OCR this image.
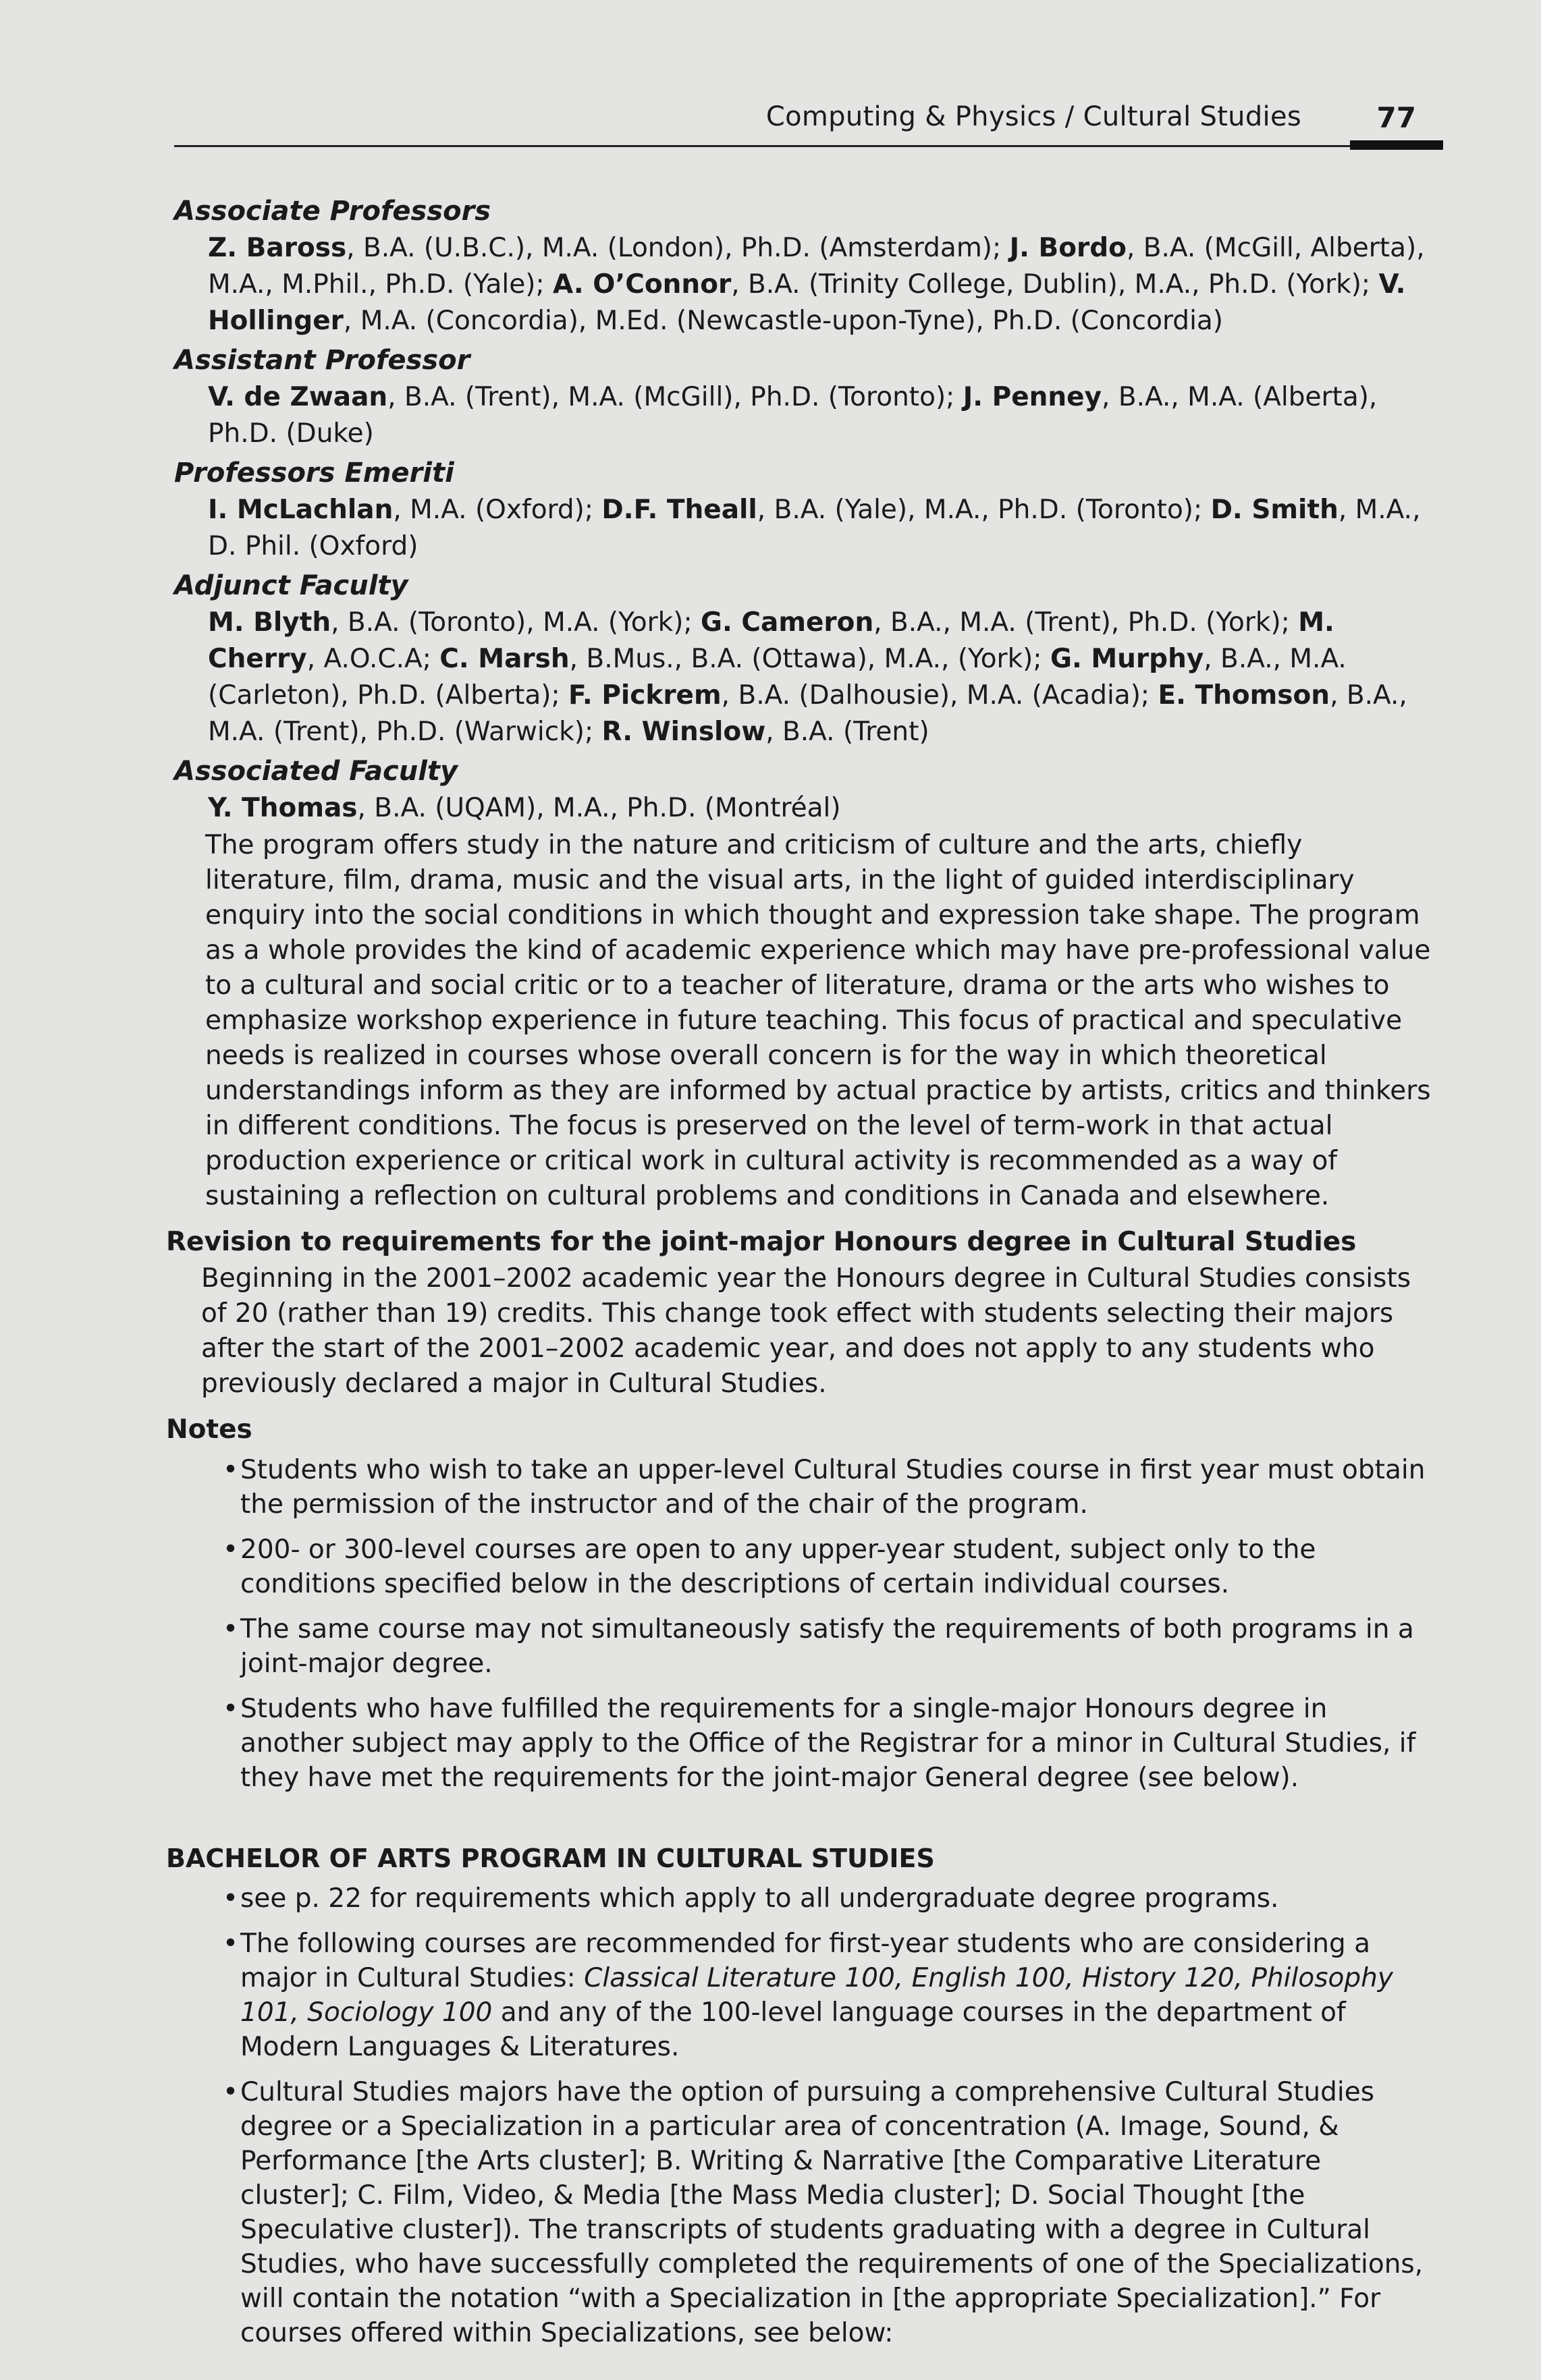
Computing & Physics / Cultural Studies	77
Associate Professors
Z. Baross, B.A. (U.B.C.), M.A. (London), Ph.D. (Amsterdam); J. Bordo, B.A. (McGill, Alberta), M.A., M.Phil., Ph.D. (Yale); A. O’Connor, B.A. (Trinity College, Dublin), M.A., Ph.D. (York); V. Hollinger, M.A. (Concordia), M.Ed. (Newcastle-upon-Tyne), Ph.D. (Concordia)
Assistant Professor
V. de Zwaan, B.A. (Trent), M.A. (McGill), Ph.D. (Toronto); J. Penney, B.A., M.A. (Alberta), Ph.D. (Duke)
Professors Emeriti
I. McLachlan, M.A. (Oxford); D.F. Theall, B.A. (Yale), M.A., Ph.D. (Toronto); D. Smith, M.A., D. Phil. (Oxford)
Adjunct Faculty
M. Blyth, B.A. (Toronto), M.A. (York); G. Cameron, B.A., M.A. (Trent), Ph.D. (York); M. Cherry, A.O.C.A; C. Marsh, B.Mus., B.A. (Ottawa), M.A., (York); G. Murphy, B.A., M.A. (Carleton), Ph.D. (Alberta); F. Pickrem, B.A. (Dalhousie), M.A. (Acadia); E. Thomson, B.A., M.A. (Trent), Ph.D. (Warwick); R. Winslow, B.A. (Trent)
Associated Faculty
Y. Thomas, B.A. (UQAM), M.A., Ph.D. (Montréal)
The program offers study in the nature and criticism of culture and the arts, chiefly literature, film, drama, music and the visual arts, in the light of guided interdisciplinary enquiry into the social conditions in which thought and expression take shape. The program as a whole provides the kind of academic experience which may have pre-professional value to a cultural and social critic or to a teacher of literature, drama or the arts who wishes to emphasize workshop experience in future teaching. This focus of practical and speculative needs is realized in courses whose overall concern is for the way in which theoretical understandings inform as they are informed by actual practice by artists, critics and thinkers in different conditions. The focus is preserved on the level of term-work in that actual production experience or critical work in cultural activity is recommended as a way of sustaining a reflection on cultural problems and conditions in Canada and elsewhere.
Revision to requirements for the joint-major Honours degree in Cultural Studies
Beginning in the 2001–2002 academic year the Honours degree in Cultural Studies consists of 20 (rather than 19) credits. This change took effect with students selecting their majors after the start of the 2001–2002 academic year, and does not apply to any students who previously declared a major in Cultural Studies.
Notes
• Students who wish to take an upper-level Cultural Studies course in first year must obtain the permission of the instructor and of the chair of the program.
• 200- or 300-level courses are open to any upper-year student, subject only to the conditions specified below in the descriptions of certain individual courses.
• The same course may not simultaneously satisfy the requirements of both programs in a joint-major degree.
• Students who have fulfilled the requirements for a single-major Honours degree in another subject may apply to the Office of the Registrar for a minor in Cultural Studies, if they have met the requirements for the joint-major General degree (see below).
BACHELOR OF ARTS PROGRAM IN CULTURAL STUDIES
• see p. 22 for requirements which apply to all undergraduate degree programs.
• The following courses are recommended for first-year students who are considering a major in Cultural Studies: Classical Literature 100, English 100, History 120, Philosophy 101, Sociology 100 and any of the 100-level language courses in the department of Modern Languages & Literatures.
• Cultural Studies majors have the option of pursuing a comprehensive Cultural Studies degree or a Specialization in a particular area of concentration (A. Image, Sound, & Performance [the Arts cluster]; B. Writing & Narrative [the Comparative Literature cluster]; C. Film, Video, & Media [the Mass Media cluster]; D. Social Thought [the Speculative cluster]). The transcripts of students graduating with a degree in Cultural Studies, who have successfully completed the requirements of one of the Specializations, will contain the notation “with a Specialization in [the appropriate Specialization].” For courses offered within Specializations, see below:
